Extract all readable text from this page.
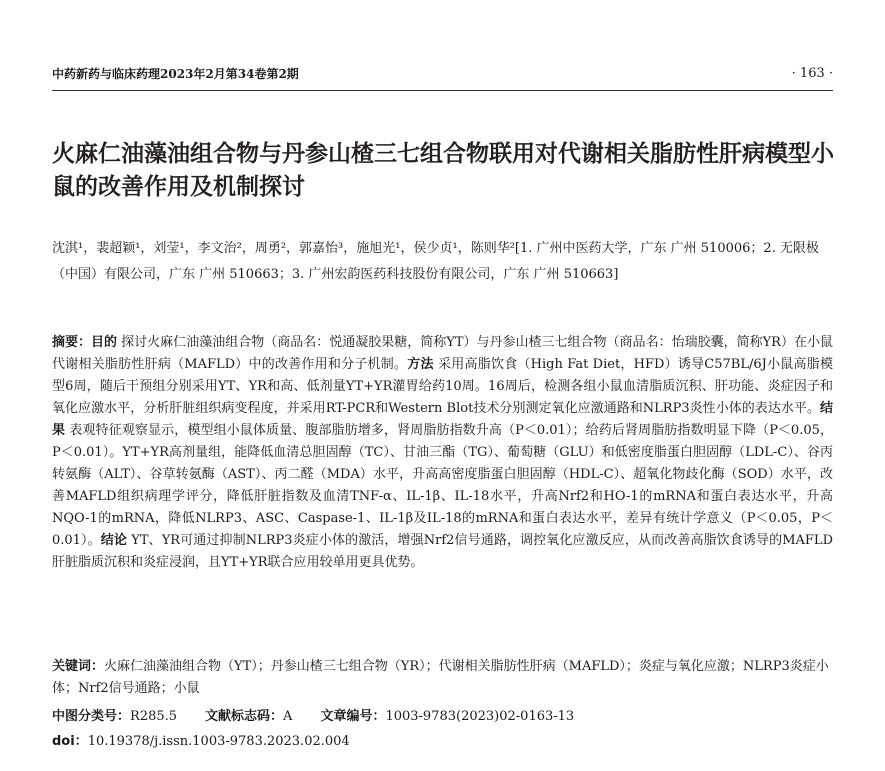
中药新药与临床药理2023年2月第34卷第2期	· 163 ·
火麻仁油藻油组合物与丹参山楂三七组合物联用对代谢相关脂肪性肝病模型小鼠的改善作用及机制探讨
沈淇¹，裴超颖¹，刘莹¹，李文治²，周勇²，郭嘉怡³，施旭光¹，侯少贞¹，陈则华²[1. 广州中医药大学，广东 广州 510006；2. 无限极（中国）有限公司，广东 广州 510663；3. 广州宏韵医药科技股份有限公司，广东 广州 510663]
摘要：目的 探讨火麻仁油藻油组合物（商品名：悦通凝胶果糖，简称YT）与丹参山楂三七组合物（商品名：怡瑞胶囊，简称YR）在小鼠代谢相关脂肪性肝病（MAFLD）中的改善作用和分子机制。方法 采用高脂饮食（High Fat Diet，HFD）诱导C57BL/6J小鼠高脂模型6周，随后干预组分别采用YT、YR和高、低剂量YT+YR灌胃给药10周。16周后，检测各组小鼠血清脂质沉积、肝功能、炎症因子和氧化应激水平，分析肝脏组织病变程度，并采用RT-PCR和Western Blot技术分别测定氧化应激通路和NLRP3炎性小体的表达水平。结果 表观特征观察显示，模型组小鼠体质量、腹部脂肪增多，肾周脂肪指数升高（P＜0.01）；给药后肾周脂肪指数明显下降（P＜0.05，P＜0.01）。YT+YR高剂量组，能降低血清总胆固醇（TC）、甘油三酯（TG）、葡萄糖（GLU）和低密度脂蛋白胆固醇（LDL-C）、谷丙转氨酶（ALT）、谷草转氨酶（AST）、丙二醛（MDA）水平，升高高密度脂蛋白胆固醇（HDL-C）、超氧化物歧化酶（SOD）水平，改善MAFLD组织病理学评分，降低肝脏指数及血清TNF-α、IL-1β、IL-18水平，升高Nrf2和HO-1的mRNA和蛋白表达水平，升高NQO-1的mRNA，降低NLRP3、ASC、Caspase-1、IL-1β及IL-18的mRNA和蛋白表达水平，差异有统计学意义（P＜0.05，P＜0.01）。结论 YT、YR可通过抑制NLRP3炎症小体的激活，增强Nrf2信号通路，调控氧化应激反应，从而改善高脂饮食诱导的MAFLD肝脏脂质沉积和炎症浸润，且YT+YR联合应用较单用更具优势。
关键词：火麻仁油藻油组合物（YT）；丹参山楂三七组合物（YR）；代谢相关脂肪性肝病（MAFLD）；炎症与氧化应激；NLRP3炎症小体；Nrf2信号通路；小鼠
中图分类号：R285.5 文献标志码：A 文章编号：1003-9783(2023)02-0163-13
doi：10.19378/j.issn.1003-9783.2023.02.004
